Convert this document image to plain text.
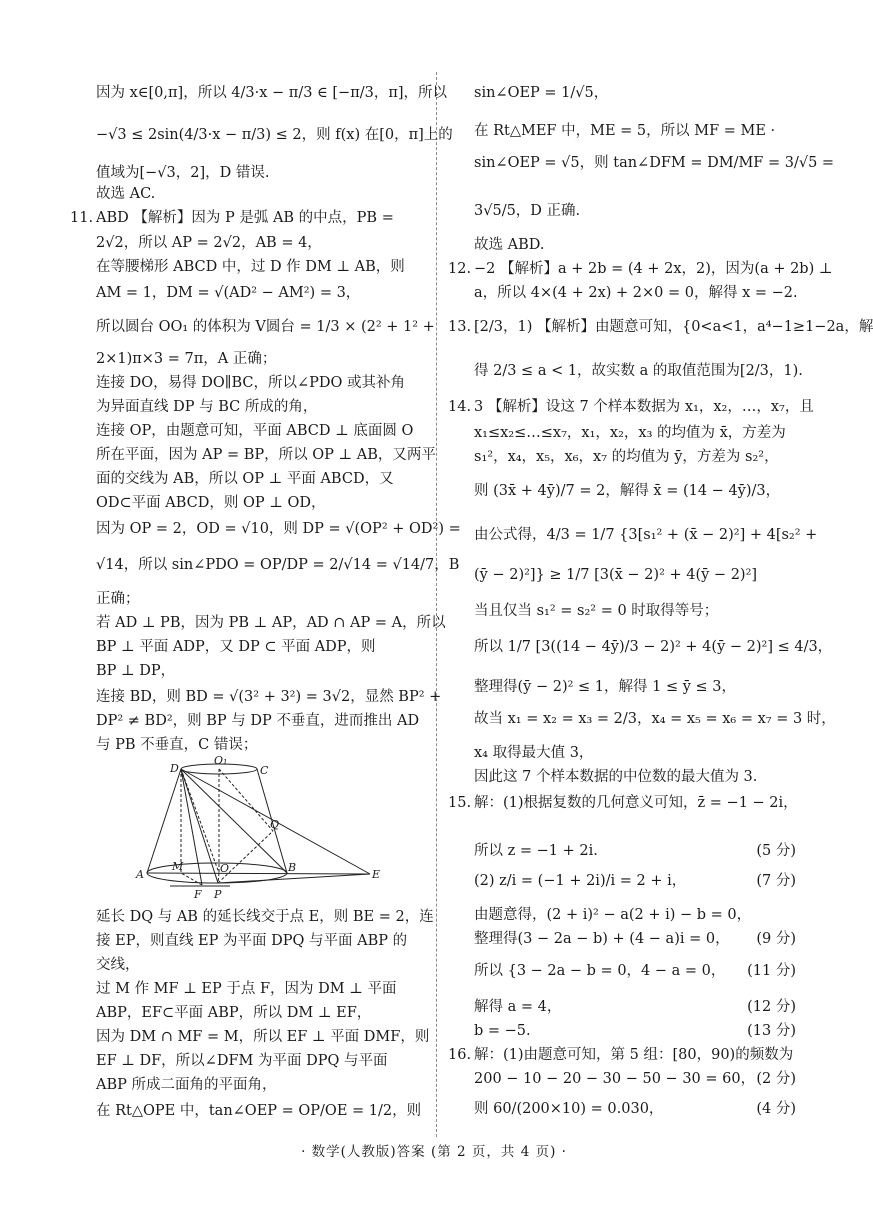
因为 x∈[0,π]，所以 4/3·x − π/3 ∈ [−π/3，π]，所以
−√3 ≤ 2sin(4/3·x − π/3) ≤ 2，则 f(x) 在[0，π]上的
值域为[−√3，2]，D 错误.
故选 AC.
11. ABD 【解析】因为 P 是弧 AB 的中点，PB =
2√2，所以 AP = 2√2，AB = 4，
在等腰梯形 ABCD 中，过 D 作 DM ⊥ AB，则
AM = 1，DM = √(AD² − AM²) = 3，
所以圆台 OO₁ 的体积为 V圆台 = 1/3 × (2² + 1² +
2×1)π×3 = 7π，A 正确；
连接 DO，易得 DO∥BC，所以∠PDO 或其补角
为异面直线 DP 与 BC 所成的角，
连接 OP，由题意可知，平面 ABCD ⊥ 底面圆 O
所在平面，因为 AP = BP，所以 OP ⊥ AB，又两平
面的交线为 AB，所以 OP ⊥ 平面 ABCD，又
OD⊂平面 ABCD，则 OP ⊥ OD，
因为 OP = 2，OD = √10，则 DP = √(OP² + OD²) =
√14，所以 sin∠PDO = OP/DP = 2/√14 = √14/7，B
正确；
若 AD ⊥ PB，因为 PB ⊥ AP，AD ∩ AP = A，所以
BP ⊥ 平面 ADP，又 DP ⊂ 平面 ADP，则
BP ⊥ DP，
连接 BD，则 BD = √(3² + 3²) = 3√2，显然 BP² +
DP² ≠ BD²，则 BP 与 DP 不垂直，进而推出 AD
与 PB 不垂直，C 错误；
延长 DQ 与 AB 的延长线交于点 E，则 BE = 2，连
接 EP，则直线 EP 为平面 DPQ 与平面 ABP 的
交线，
过 M 作 MF ⊥ EP 于点 F，因为 DM ⊥ 平面
ABP，EF⊂平面 ABP，所以 DM ⊥ EF，
因为 DM ∩ MF = M，所以 EF ⊥ 平面 DMF，则
EF ⊥ DF，所以∠DFM 为平面 DPQ 与平面
ABP 所成二面角的平面角，
在 Rt△OPE 中，tan∠OEP = OP/OE = 1/2，则
sin∠OEP = 1/√5，
在 Rt△MEF 中，ME = 5，所以 MF = ME ·
sin∠OEP = √5，则 tan∠DFM = DM/MF = 3/√5 =
3√5/5，D 正确.
故选 ABD.
12. −2 【解析】a + 2b = (4 + 2x，2)，因为(a + 2b) ⊥
a，所以 4×(4 + 2x) + 2×0 = 0，解得 x = −2.
13. [2/3，1) 【解析】由题意可知，{0<a<1，a⁴−1≥1−2a，解
得 2/3 ≤ a < 1，故实数 a 的取值范围为[2/3，1).
14. 3 【解析】设这 7 个样本数据为 x₁，x₂，…，x₇，且
x₁≤x₂≤…≤x₇，x₁，x₂，x₃ 的均值为 x̄，方差为
s₁²，x₄，x₅，x₆，x₇ 的均值为 ȳ，方差为 s₂²，
则 (3x̄ + 4ȳ)/7 = 2，解得 x̄ = (14 − 4ȳ)/3，
由公式得，4/3 = 1/7 {3[s₁² + (x̄ − 2)²] + 4[s₂² +
(ȳ − 2)²]} ≥ 1/7 [3(x̄ − 2)² + 4(ȳ − 2)²]
当且仅当 s₁² = s₂² = 0 时取得等号；
所以 1/7 [3((14 − 4ȳ)/3 − 2)² + 4(ȳ − 2)²] ≤ 4/3，
整理得(ȳ − 2)² ≤ 1，解得 1 ≤ ȳ ≤ 3，
故当 x₁ = x₂ = x₃ = 2/3，x₄ = x₅ = x₆ = x₇ = 3 时，
x₄ 取得最大值 3，
因此这 7 个样本数据的中位数的最大值为 3.
15. 解：(1)根据复数的几何意义可知，z̄ = −1 − 2i，
所以 z = −1 + 2i.	(5 分)
(2) z/i = (−1 + 2i)/i = 2 + i，	(7 分)
由题意得，(2 + i)² − a(2 + i) − b = 0，
整理得(3 − 2a − b) + (4 − a)i = 0， (9 分)
所以 {3 − 2a − b = 0，4 − a = 0， (11 分)
解得 a = 4，	(12 分)
b = −5.	(13 分)
16. 解：(1)由题意可知，第 5 组：[80，90)的频数为
200 − 10 − 20 − 30 − 50 − 30 = 60， (2 分)
则 60/(200×10) = 0.030，	(4 分)
D
O₁
C
Q
A
M	O	B
F P
E
· 数学(人教版)答案 (第 2 页，共 4 页) ·
